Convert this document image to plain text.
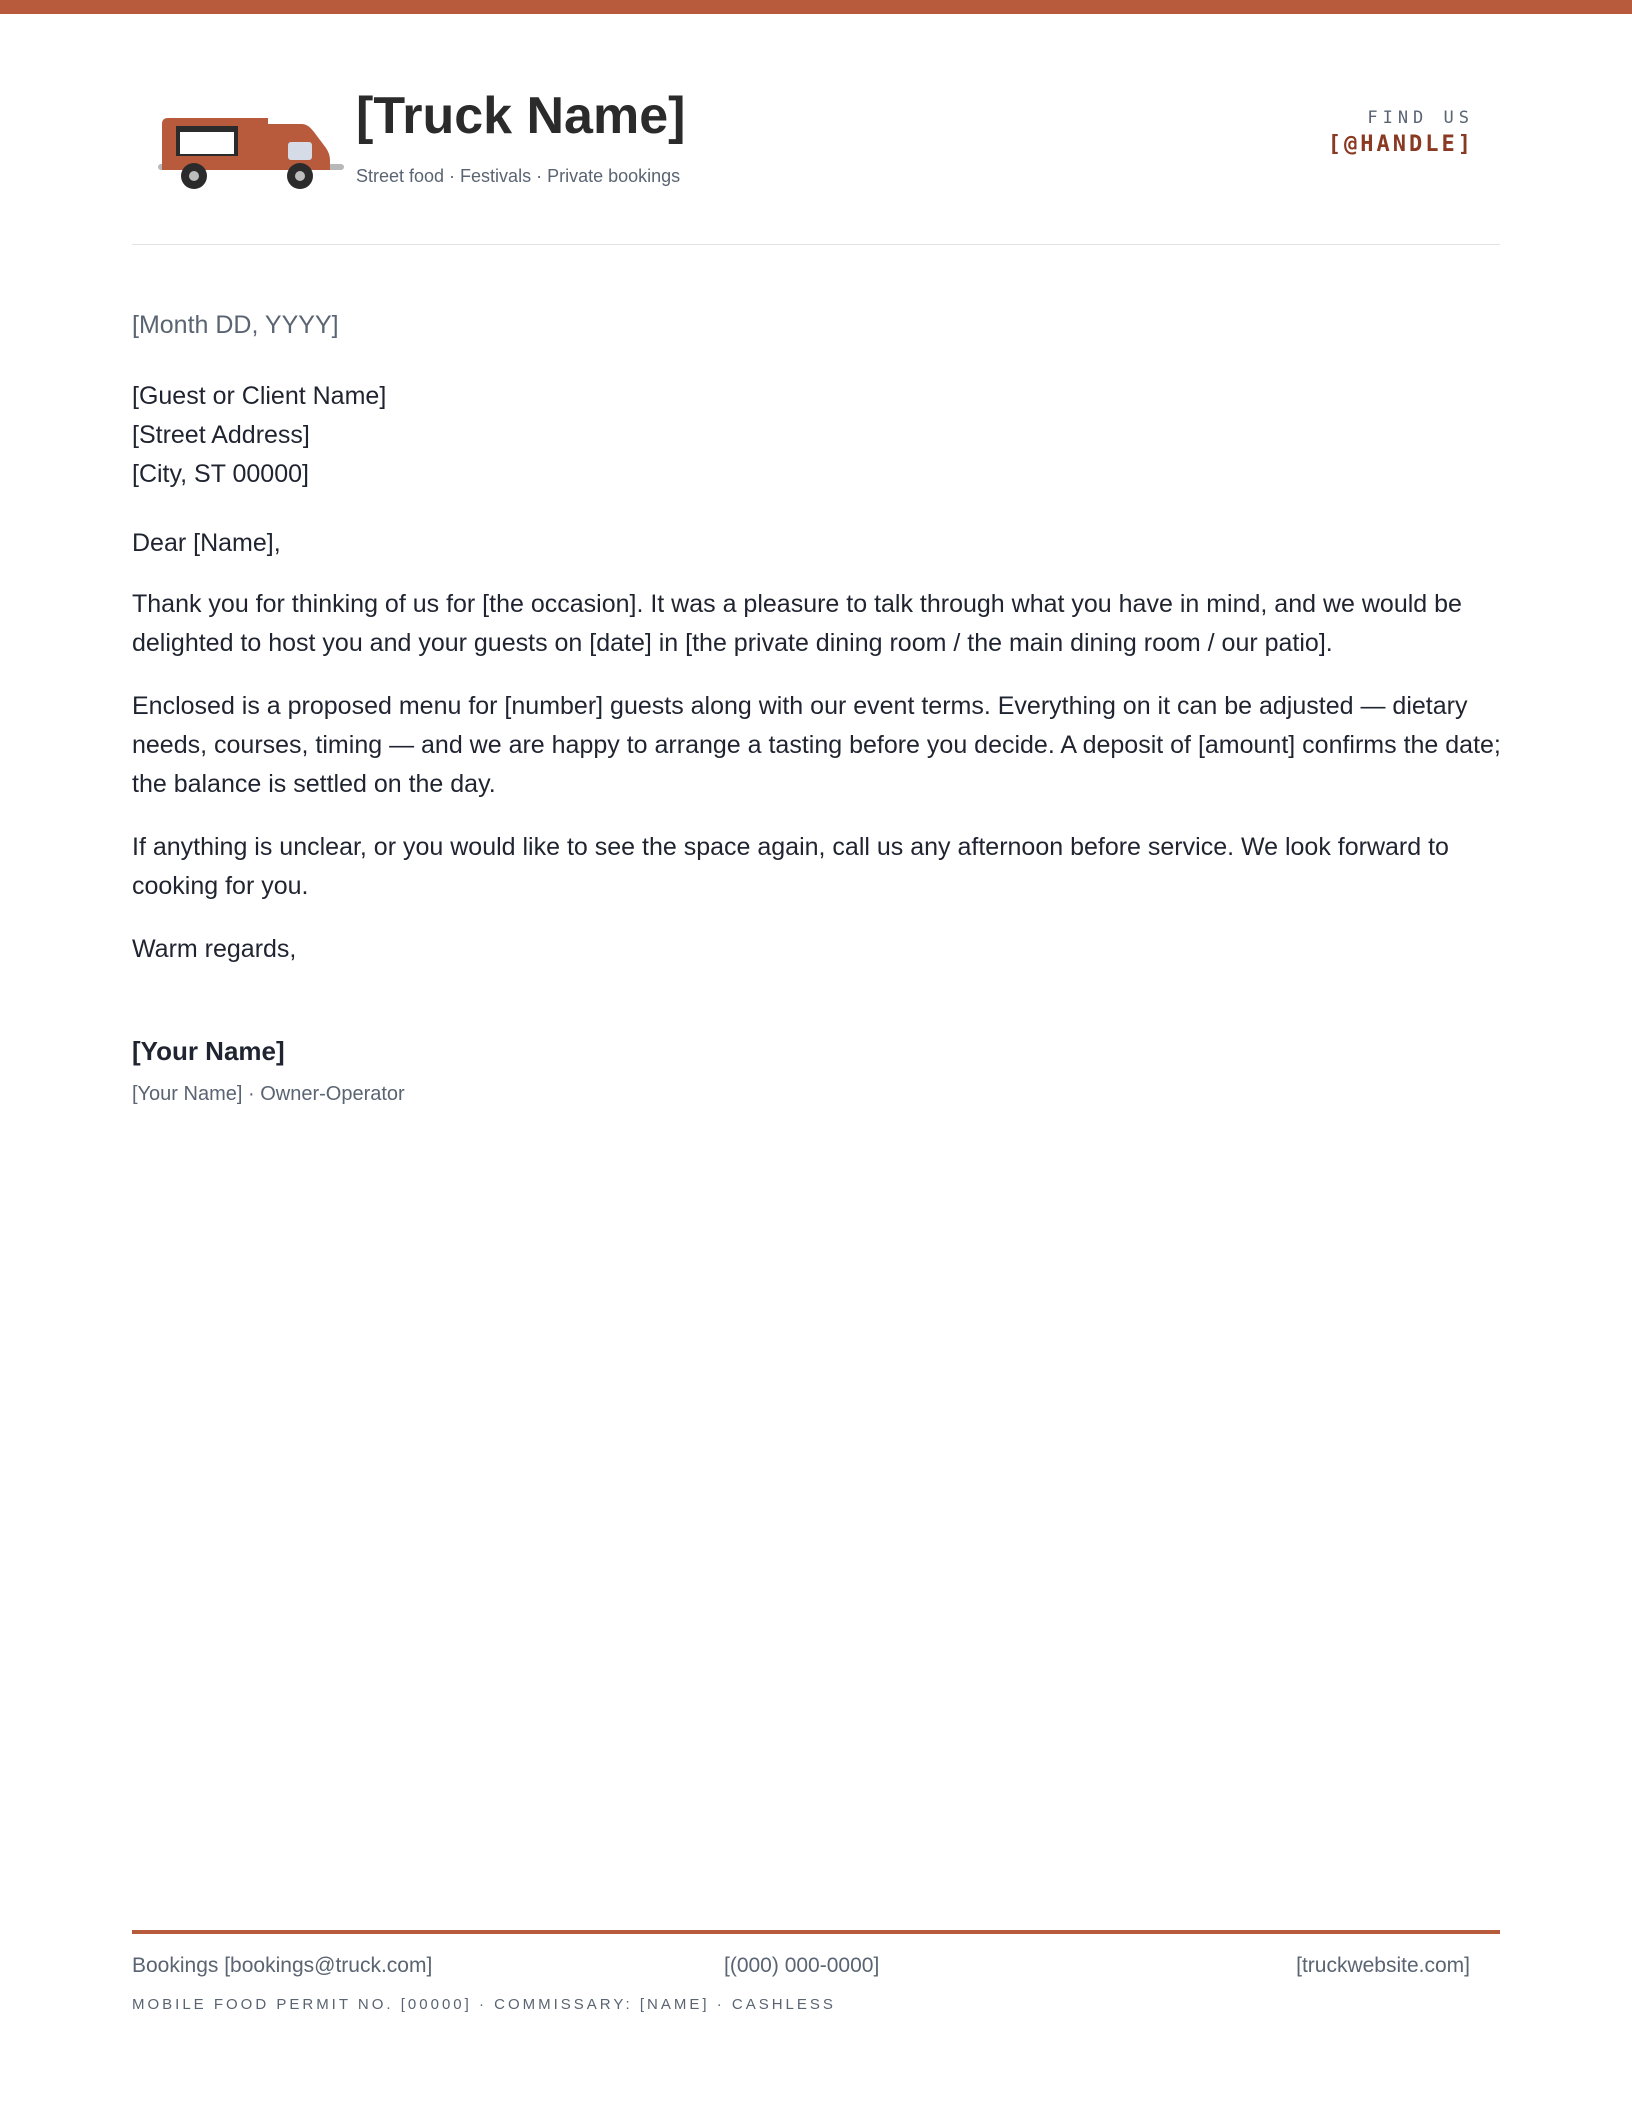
[Truck Name]
Street food · Festivals · Private bookings
FIND US
[@HANDLE]
[Month DD, YYYY]
[Guest or Client Name]
[Street Address]
[City, ST 00000]
Dear [Name],
Thank you for thinking of us for [the occasion]. It was a pleasure to talk through what you have in mind, and we would be delighted to host you and your guests on [date] in [the private dining room / the main dining room / our patio].
Enclosed is a proposed menu for [number] guests along with our event terms. Everything on it can be adjusted — dietary needs, courses, timing — and we are happy to arrange a tasting before you decide. A deposit of [amount] confirms the date; the balance is settled on the day.
If anything is unclear, or you would like to see the space again, call us any afternoon before service. We look forward to cooking for you.
Warm regards,
[Your Name]
[Your Name] · Owner-Operator
Bookings [bookings@truck.com]	[(000) 000-0000]	[truckwebsite.com]
MOBILE FOOD PERMIT NO. [00000] · COMMISSARY: [NAME] · CASHLESS
